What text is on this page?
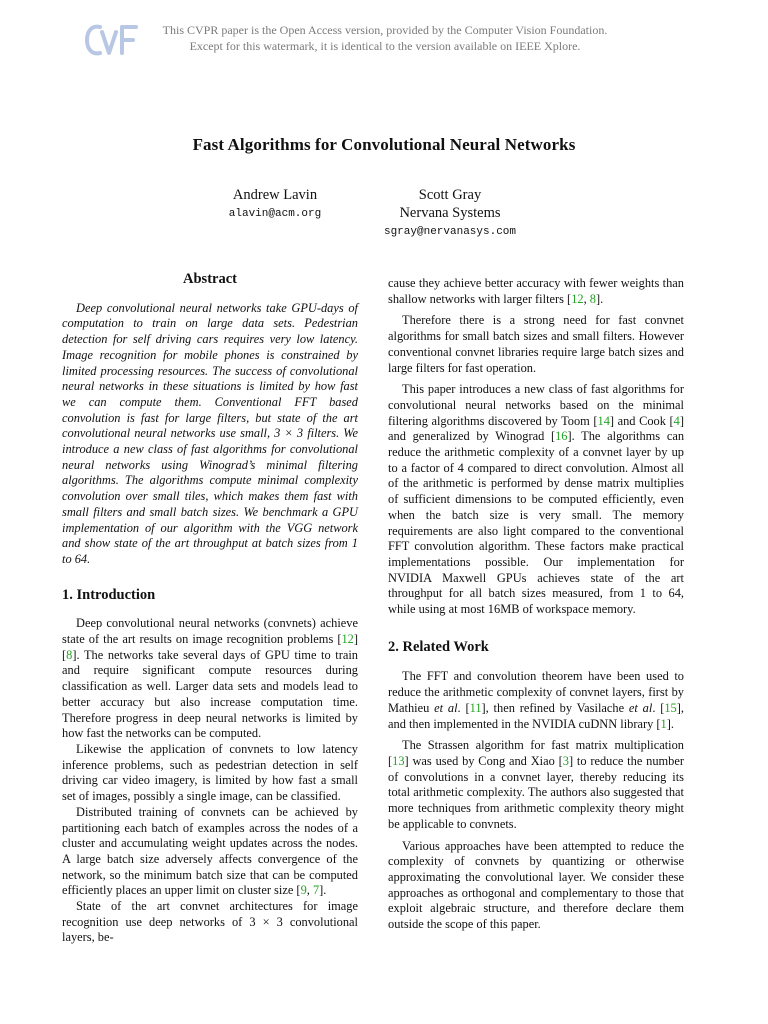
This CVPR paper is the Open Access version, provided by the Computer Vision Foundation.
Except for this watermark, it is identical to the version available on IEEE Xplore.
Fast Algorithms for Convolutional Neural Networks
Andrew Lavin
alavin@acm.org
Scott Gray
Nervana Systems
sgray@nervanasys.com
Abstract

Deep convolutional neural networks take GPU-days of computation to train on large data sets. Pedestrian detection for self driving cars requires very low latency. Image recognition for mobile phones is constrained by limited processing resources. The success of convolutional neural networks in these situations is limited by how fast we can compute them. Conventional FFT based convolution is fast for large filters, but state of the art convolutional neural networks use small, 3 × 3 filters. We introduce a new class of fast algorithms for convolutional neural networks using Winograd’s minimal filtering algorithms. The algorithms compute minimal complexity convolution over small tiles, which makes them fast with small filters and small batch sizes. We benchmark a GPU implementation of our algorithm with the VGG network and show state of the art throughput at batch sizes from 1 to 64.

1. Introduction

Deep convolutional neural networks (convnets) achieve state of the art results on image recognition problems [12][8]. The networks take several days of GPU time to train and require significant compute resources during classification as well. Larger data sets and models lead to better accuracy but also increase computation time. Therefore progress in deep neural networks is limited by how fast the networks can be computed.

Likewise the application of convnets to low latency inference problems, such as pedestrian detection in self driving car video imagery, is limited by how fast a small set of images, possibly a single image, can be classified.

Distributed training of convnets can be achieved by partitioning each batch of examples across the nodes of a cluster and accumulating weight updates across the nodes. A large batch size adversely affects convergence of the network, so the minimum batch size that can be computed efficiently places an upper limit on cluster size [9, 7].

State of the art convnet architectures for image recognition use deep networks of 3 × 3 convolutional layers, be-

cause they achieve better accuracy with fewer weights than shallow networks with larger filters [12, 8].

Therefore there is a strong need for fast convnet algorithms for small batch sizes and small filters. However conventional convnet libraries require large batch sizes and large filters for fast operation.

This paper introduces a new class of fast algorithms for convolutional neural networks based on the minimal filtering algorithms discovered by Toom [14] and Cook [4] and generalized by Winograd [16]. The algorithms can reduce the arithmetic complexity of a convnet layer by up to a factor of 4 compared to direct convolution. Almost all of the arithmetic is performed by dense matrix multiplies of sufficient dimensions to be computed efficiently, even when the batch size is very small. The memory requirements are also light compared to the conventional FFT convolution algorithm. These factors make practical implementations possible. Our implementation for NVIDIA Maxwell GPUs achieves state of the art throughput for all batch sizes measured, from 1 to 64, while using at most 16MB of workspace memory.

2. Related Work

The FFT and convolution theorem have been used to reduce the arithmetic complexity of convnet layers, first by Mathieu et al. [11], then refined by Vasilache et al. [15], and then implemented in the NVIDIA cuDNN library [1].

The Strassen algorithm for fast matrix multiplication [13] was used by Cong and Xiao [3] to reduce the number of convolutions in a convnet layer, thereby reducing its total arithmetic complexity. The authors also suggested that more techniques from arithmetic complexity theory might be applicable to convnets.

Various approaches have been attempted to reduce the complexity of convnets by quantizing or otherwise approximating the convolutional layer. We consider these approaches as orthogonal and complementary to those that exploit algebraic structure, and therefore declare them outside the scope of this paper.
